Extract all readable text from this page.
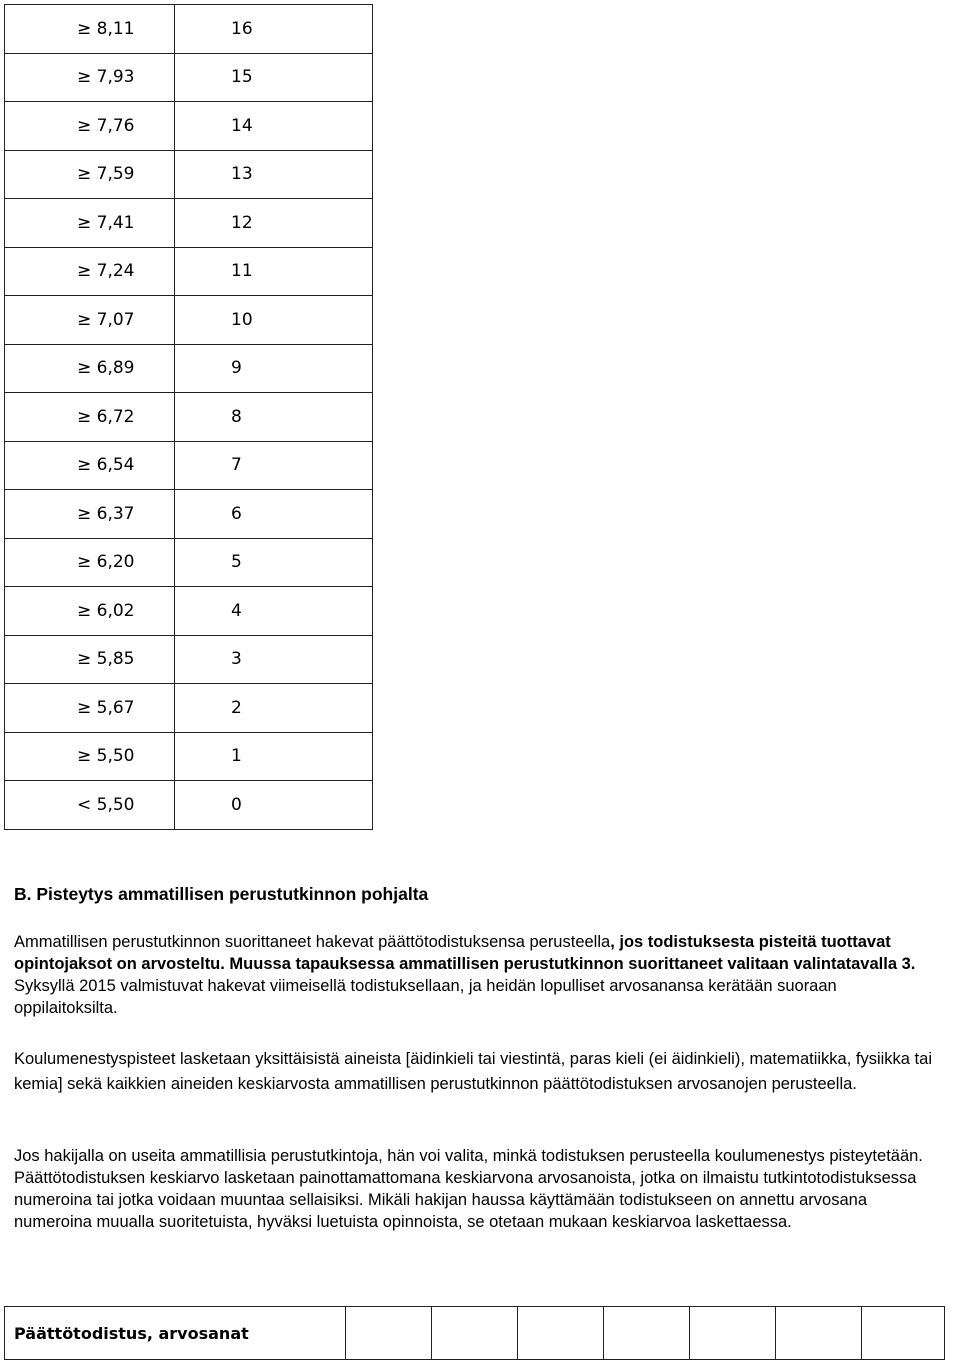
≥ 8,11	16
≥ 7,93	15
≥ 7,76	14
≥ 7,59	13
≥ 7,41	12
≥ 7,24	11
≥ 7,07	10
≥ 6,89	9
≥ 6,72	8
≥ 6,54	7
≥ 6,37	6
≥ 6,20	5
≥ 6,02	4
≥ 5,85	3
≥ 5,67	2
≥ 5,50	1
< 5,50	0
B. Pisteytys ammatillisen perustutkinnon pohjalta
Ammatillisen perustutkinnon suorittaneet hakevat päättötodistuksensa perusteella, jos todistuksesta pisteitä tuottavat opintojaksot on arvosteltu. Muussa tapauksessa ammatillisen perustutkinnon suorittaneet valitaan valintatavalla 3. Syksyllä 2015 valmistuvat hakevat viimeisellä todistuksellaan, ja heidän lopulliset arvosanansa kerätään suoraan oppilaitoksilta.
Koulumenestyspisteet lasketaan yksittäisistä aineista [äidinkieli tai viestintä, paras kieli (ei äidinkieli), matematiikka, fysiikka tai kemia] sekä kaikkien aineiden keskiarvosta ammatillisen perustutkinnon päättötodistuksen arvosanojen perusteella.
Jos hakijalla on useita ammatillisia perustutkintoja, hän voi valita, minkä todistuksen perusteella koulumenestys pisteytetään. Päättötodistuksen keskiarvo lasketaan painottamattomana keskiarvona arvosanoista, jotka on ilmaistu tutkintotodistuksessa numeroina tai jotka voidaan muuntaa sellaisiksi. Mikäli hakijan haussa käyttämään todistukseen on annettu arvosana numeroina muualla suoritetuista, hyväksi luetuista opinnoista, se otetaan mukaan keskiarvoa laskettaessa.
Päättötodistus, arvosanat							
